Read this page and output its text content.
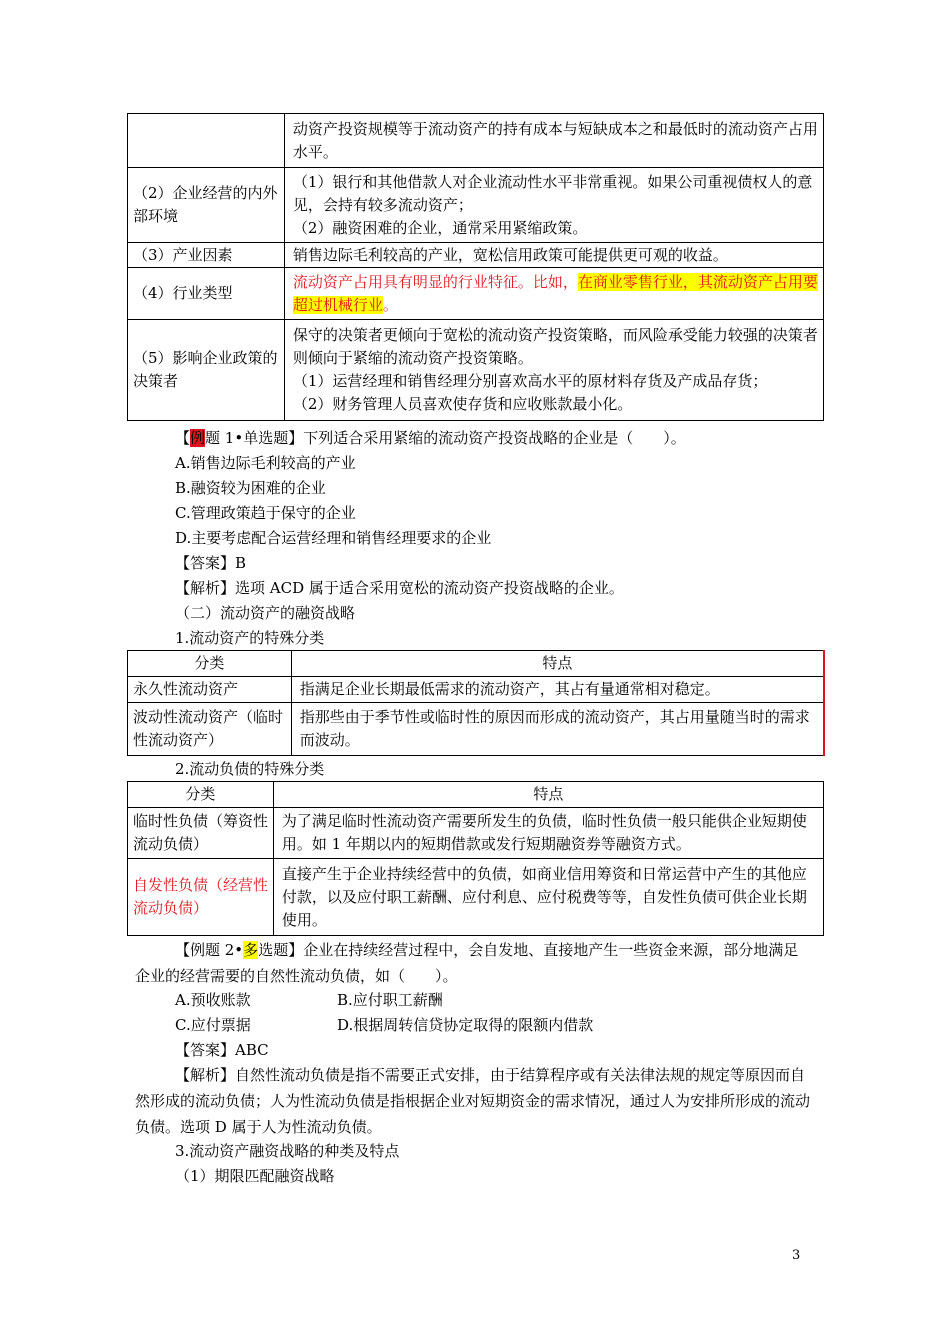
	动资产投资规模等于流动资产的持有成本与短缺成本之和最低时的流动资产占用水平。
（2）企业经营的内外部环境	（1）银行和其他借款人对企业流动性水平非常重视。如果公司重视债权人的意见，会持有较多流动资产；
（2）融资困难的企业，通常采用紧缩政策。

（3）产业因素	销售边际毛利较高的产业，宽松信用政策可能提供更可观的收益。
（4）行业类型	流动资产占用具有明显的行业特征。比如，在商业零售行业，其流动资产占用要超过机械行业。
（5）影响企业政策的决策者	保守的决策者更倾向于宽松的流动资产投资策略，而风险承受能力较强的决策者则倾向于紧缩的流动资产投资策略。
（1）运营经理和销售经理分别喜欢高水平的原材料存货及产成品存货；
（2）财务管理人员喜欢使存货和应收账款最小化。
【例题 1•单选题】下列适合采用紧缩的流动资产投资战略的企业是（　　）。
A.销售边际毛利较高的产业
B.融资较为困难的企业
C.管理政策趋于保守的企业
D.主要考虑配合运营经理和销售经理要求的企业
【答案】B
【解析】选项 ACD 属于适合采用宽松的流动资产投资战略的企业。
（二）流动资产的融资战略
1.流动资产的特殊分类
分类	特点
永久性流动资产	指满足企业长期最低需求的流动资产，其占有量通常相对稳定。
波动性流动资产（临时性流动资产）	指那些由于季节性或临时性的原因而形成的流动资产，其占用量随当时的需求而波动。
2.流动负债的特殊分类
分类	特点
临时性负债（筹资性流动负债）	为了满足临时性流动资产需要所发生的负债，临时性负债一般只能供企业短期使用。如 1 年期以内的短期借款或发行短期融资券等融资方式。
自发性负债（经营性流动负债）	直接产生于企业持续经营中的负债，如商业信用筹资和日常运营中产生的其他应付款，以及应付职工薪酬、应付利息、应付税费等等，自发性负债可供企业长期使用。
【例题 2•多选题】企业在持续经营过程中，会自发地、直接地产生一些资金来源，部分地满足企业的经营需要的自然性流动负债，如（　　）。
A.预收账款	B.应付职工薪酬
C.应付票据	D.根据周转信贷协定取得的限额内借款
【答案】ABC
【解析】自然性流动负债是指不需要正式安排，由于结算程序或有关法律法规的规定等原因而自然形成的流动负债；人为性流动负债是指根据企业对短期资金的需求情况，通过人为安排所形成的流动负债。选项 D 属于人为性流动负债。
3.流动资产融资战略的种类及特点
（1）期限匹配融资战略
3
